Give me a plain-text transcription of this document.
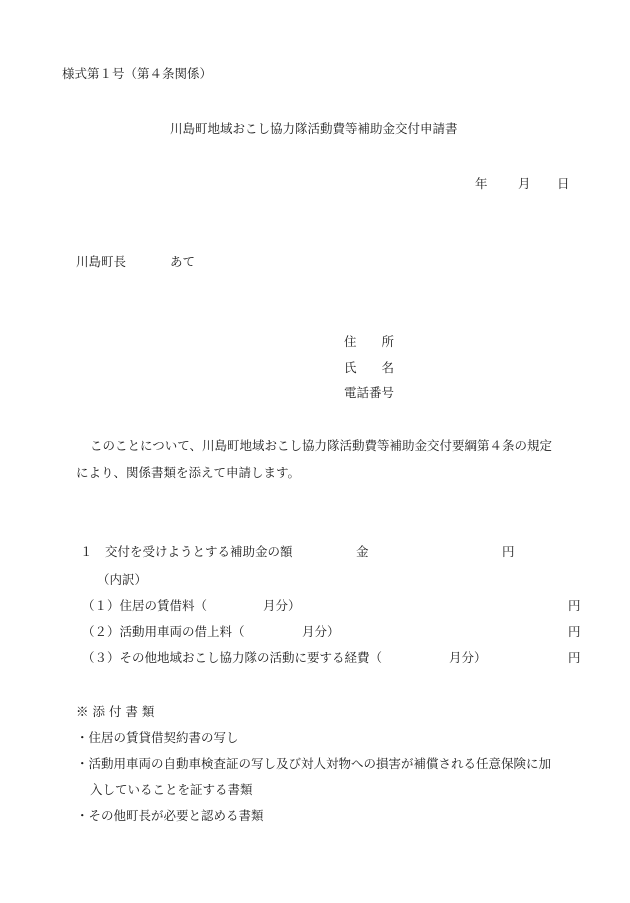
様式第１号（第４条関係）
川島町地域おこし協力隊活動費等補助金交付申請書
年 月 日
川島町長	あて
住　　所
氏　　名
電話番号
このことについて、川島町地域おこし協力隊活動費等補助金交付要綱第４条の規定
により、関係書類を添えて申請します。
１　交付を受けようとする補助金の額	金	円
（内訳）
（１）住居の賃借料（	月分）	円
（２）活動用車両の借上料（	月分）	円
（３）その他地域おこし協力隊の活動に要する経費（	月分）	円
※ 添 付 書 類
・住居の賃貸借契約書の写し
・活動用車両の自動車検査証の写し及び対人対物への損害が補償される任意保険に加
入していることを証する書類
・その他町長が必要と認める書類
